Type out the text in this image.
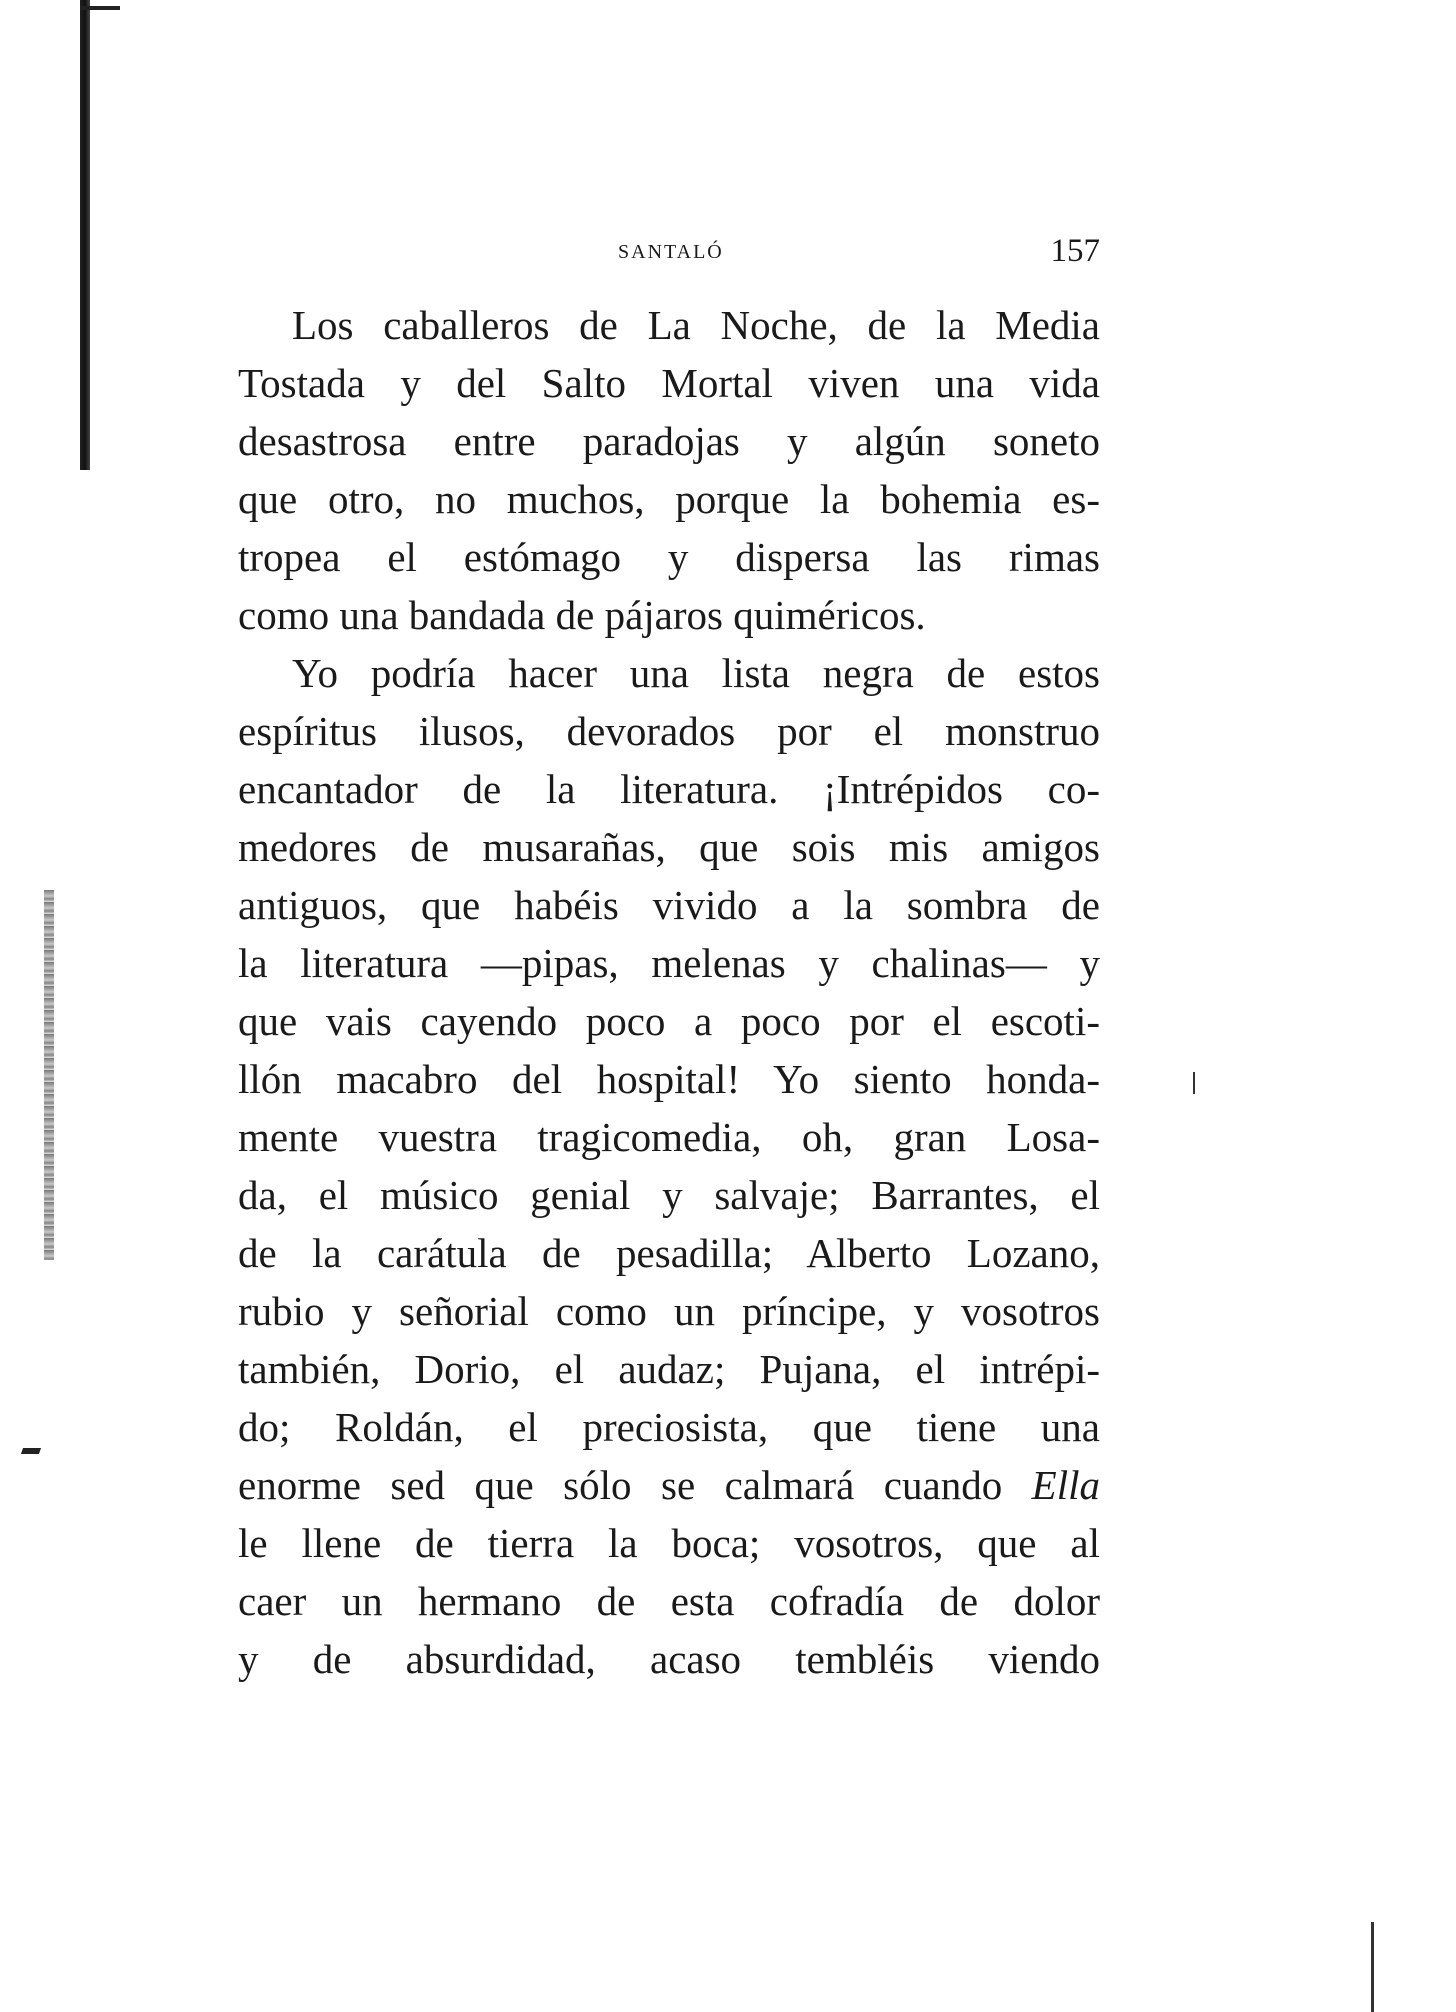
SANTALÓ	157
Los caballeros de La Noche, de la Media
Tostada y del Salto Mortal viven una vida
desastrosa entre paradojas y algún soneto
que otro, no muchos, porque la bohemia es-
tropea el estómago y dispersa las rimas
como una bandada de pájaros quiméricos.
Yo podría hacer una lista negra de estos
espíritus ilusos, devorados por el monstruo
encantador de la literatura. ¡Intrépidos co-
medores de musarañas, que sois mis amigos
antiguos, que habéis vivido a la sombra de
la literatura —pipas, melenas y chalinas— y
que vais cayendo poco a poco por el escoti-
llón macabro del hospital! Yo siento honda-
mente vuestra tragicomedia, oh, gran Losa-
da, el músico genial y salvaje; Barrantes, el
de la carátula de pesadilla; Alberto Lozano,
rubio y señorial como un príncipe, y vosotros
también, Dorio, el audaz; Pujana, el intrépi-
do; Roldán, el preciosista, que tiene una
enorme sed que sólo se calmará cuando Ella
le llene de tierra la boca; vosotros, que al
caer un hermano de esta cofradía de dolor
y de absurdidad, acaso tembléis viendo
